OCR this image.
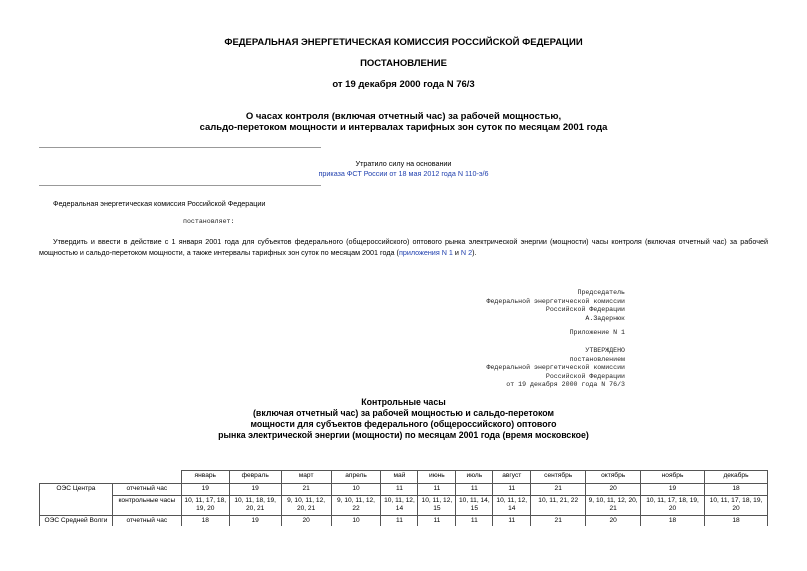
ФЕДЕРАЛЬНАЯ ЭНЕРГЕТИЧЕСКАЯ КОМИССИЯ РОССИЙСКОЙ ФЕДЕРАЦИИ
ПОСТАНОВЛЕНИЕ
от 19 декабря 2000 года N 76/3
О часах контроля (включая отчетный час) за рабочей мощностью,
сальдо-перетоком мощности и интервалах тарифных зон суток по месяцам 2001 года
Утратило силу на основании
приказа ФСТ России от 18 мая 2012 года N 110-э/6
Федеральная энергетическая комиссия Российской Федерации
постановляет:
Утвердить и ввести в действие с 1 января 2001 года для субъектов федерального (общероссийского) оптового рынка электрической энергии (мощности) часы контроля (включая отчетный час) за рабочей мощностью и сальдо-перетоком мощности, а также интервалы тарифных зон суток по месяцам 2001 года (приложения N 1 и N 2).
Председатель
Федеральной энергетической комиссии
Российской Федерации
А.Задернюк
Приложение N 1
УТВЕРЖДЕНО
постановлением
Федеральной энергетической комиссии
Российской Федерации
от 19 декабря 2000 года N 76/3
Контрольные часы
(включая отчетный час) за рабочей мощностью и сальдо-перетоком
мощности для субъектов федерального (общероссийского) оптового
рынка электрической энергии (мощности) по месяцам 2001 года (время московское)
		январь	февраль	март	апрель	май	июнь	июль	август	сентябрь	октябрь	ноябрь	декабрь
ОЭС Центра	отчетный час	19	19	21	10	11	11	11	11	21	20	19	18
	контрольные часы	10, 11, 17, 18, 19, 20	10, 11, 18, 19, 20, 21	9, 10, 11, 12, 20, 21	9, 10, 11, 12, 22	10, 11, 12, 14	10, 11, 12, 15	10, 11, 14, 15	10, 11, 12, 14	10, 11, 21, 22	9, 10, 11, 12, 20, 21	10, 11, 17, 18, 19, 20	10, 11, 17, 18, 19, 20
ОЭС Средней Волги	отчетный час	18	19	20	10	11	11	11	11	21	20	18	18
